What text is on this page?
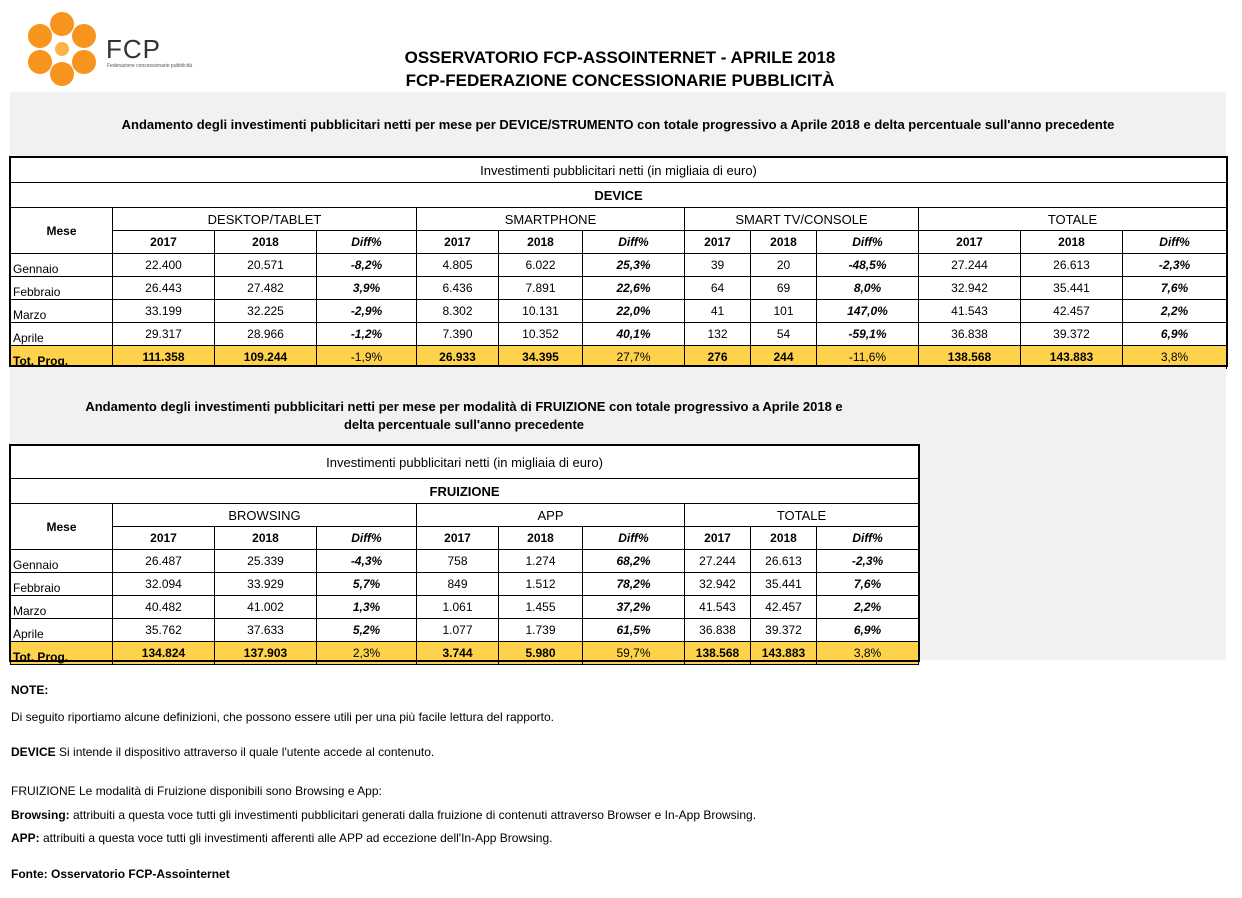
FCP
Federazione concessionarie pubblicità	OSSERVATORIO FCP-ASSOINTERNET - APRILE 2018
FCP-FEDERAZIONE CONCESSIONARIE PUBBLICITÀ
Andamento degli investimenti pubblicitari netti per mese per DEVICE/STRUMENTO con totale progressivo a Aprile 2018 e delta percentuale sull'anno precedente
Investimenti pubblicitari netti (in migliaia di euro)												
DEVICE												
Mese	DESKTOP/TABLET			SMARTPHONE			SMART TV/CONSOLE			TOTALE		
	2017	2018	Diff%	2017	2018	Diff%	2017	2018	Diff%	2017	2018	Diff%
Gennaio	22.400	20.571	-8,2%	4.805	6.022	25,3%	39	20	-48,5%	27.244	26.613	-2,3%
Febbraio	26.443	27.482	3,9%	6.436	7.891	22,6%	64	69	8,0%	32.942	35.441	7,6%
Marzo	33.199	32.225	-2,9%	8.302	10.131	22,0%	41	101	147,0%	41.543	42.457	2,2%
Aprile	29.317	28.966	-1,2%	7.390	10.352	40,1%	132	54	-59,1%	36.838	39.372	6,9%
Tot. Prog.	111.358	109.244	-1,9%	26.933	34.395	27,7%	276	244	-11,6%	138.568	143.883	3,8%
Andamento degli investimenti pubblicitari netti per mese per modalità di FRUIZIONE con totale progressivo a Aprile 2018 e
delta percentuale sull'anno precedente
Investimenti pubblicitari netti (in migliaia di euro)									
FRUIZIONE									
Mese	BROWSING			APP			TOTALE		
	2017	2018	Diff%	2017	2018	Diff%	2017	2018	Diff%
Gennaio	26.487	25.339	-4,3%	758	1.274	68,2%	27.244	26.613	-2,3%
Febbraio	32.094	33.929	5,7%	849	1.512	78,2%	32.942	35.441	7,6%
Marzo	40.482	41.002	1,3%	1.061	1.455	37,2%	41.543	42.457	2,2%
Aprile	35.762	37.633	5,2%	1.077	1.739	61,5%	36.838	39.372	6,9%
Tot. Prog.	134.824	137.903	2,3%	3.744	5.980	59,7%	138.568	143.883	3,8%
NOTE:
Di seguito riportiamo alcune definizioni, che possono essere utili per una più facile lettura del rapporto.
DEVICE Si intende il dispositivo attraverso il quale l'utente accede al contenuto.
FRUIZIONE Le modalità di Fruizione disponibili sono Browsing e App:
Browsing: attribuiti a questa voce tutti gli investimenti pubblicitari generati dalla fruizione di contenuti attraverso Browser e In-App Browsing.
APP: attribuiti a questa voce tutti gli investimenti afferenti alle APP ad eccezione dell'In-App Browsing.
Fonte: Osservatorio FCP-Assointernet
